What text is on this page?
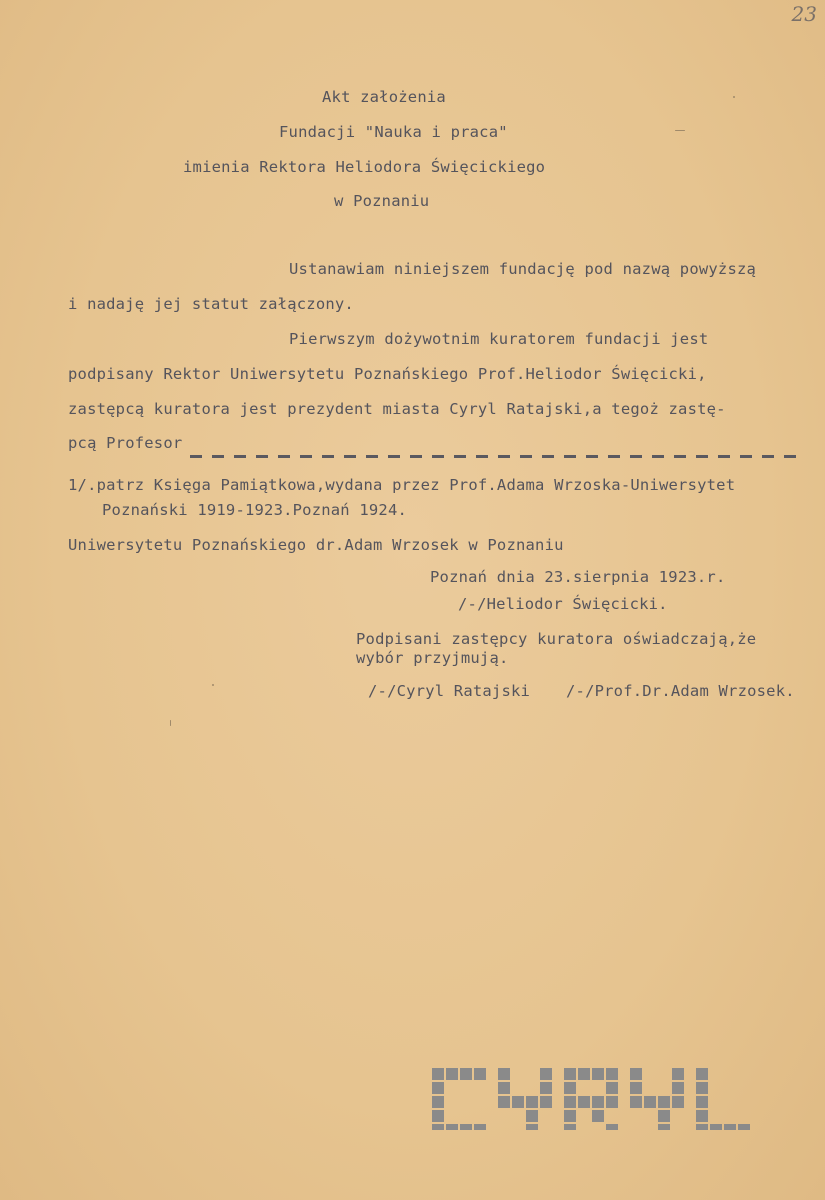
23
Akt założenia
Fundacji "Nauka i praca"
imienia Rektora Heliodora Święcickiego
w Poznaniu
Ustanawiam niniejszem fundację pod nazwą powyższą
i nadaję jej statut załączony.
Pierwszym dożywotnim kuratorem fundacji jest
podpisany Rektor Uniwersytetu Poznańskiego Prof.Heliodor Święcicki,
zastępcą kuratora jest prezydent miasta Cyryl Ratajski,a tegoż zastę-
pcą Profesor
1/.patrz Księga Pamiątkowa,wydana przez Prof.Adama Wrzoska-Uniwersytet
Poznański 1919-1923.Poznań 1924.
Uniwersytetu Poznańskiego dr.Adam Wrzosek w Poznaniu
Poznań dnia 23.sierpnia 1923.r.
/-/Heliodor Święcicki.
Podpisani zastępcy kuratora oświadczają,że
wybór przyjmują.
/-/Cyryl Ratajski /-/Prof.Dr.Adam Wrzosek.
